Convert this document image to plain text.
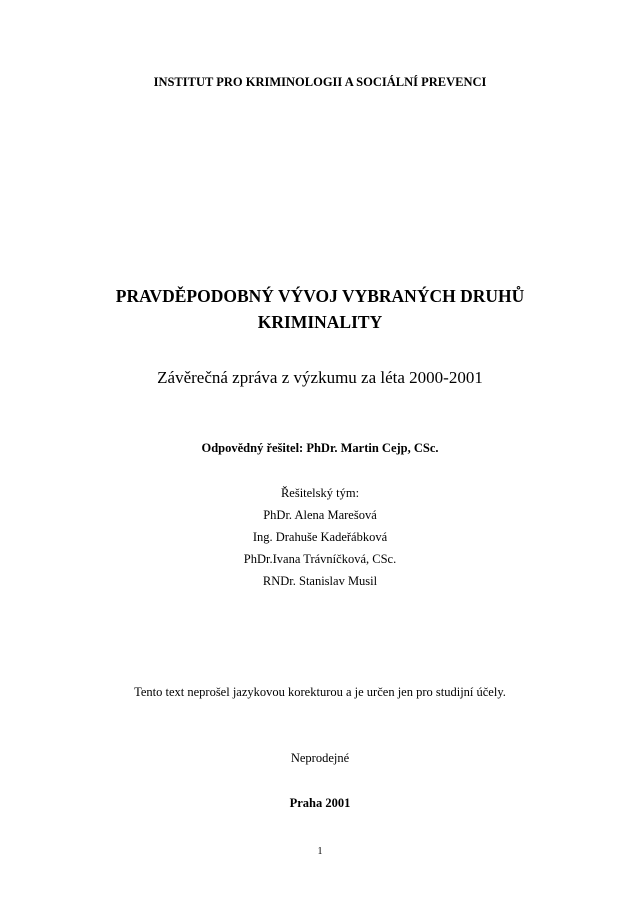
INSTITUT PRO KRIMINOLOGII A SOCIÁLNÍ PREVENCI
PRAVDĚPODOBNÝ VÝVOJ VYBRANÝCH DRUHŮ
KRIMINALITY
Závěrečná zpráva z výzkumu za léta 2000-2001
Odpovědný řešitel: PhDr. Martin Cejp, CSc.
Řešitelský tým:
PhDr. Alena Marešová
Ing. Drahuše Kadeřábková
PhDr.Ivana Trávníčková, CSc.
RNDr. Stanislav Musil
Tento text neprošel jazykovou korekturou a je určen jen pro studijní účely.
Neprodejné
Praha 2001
1
